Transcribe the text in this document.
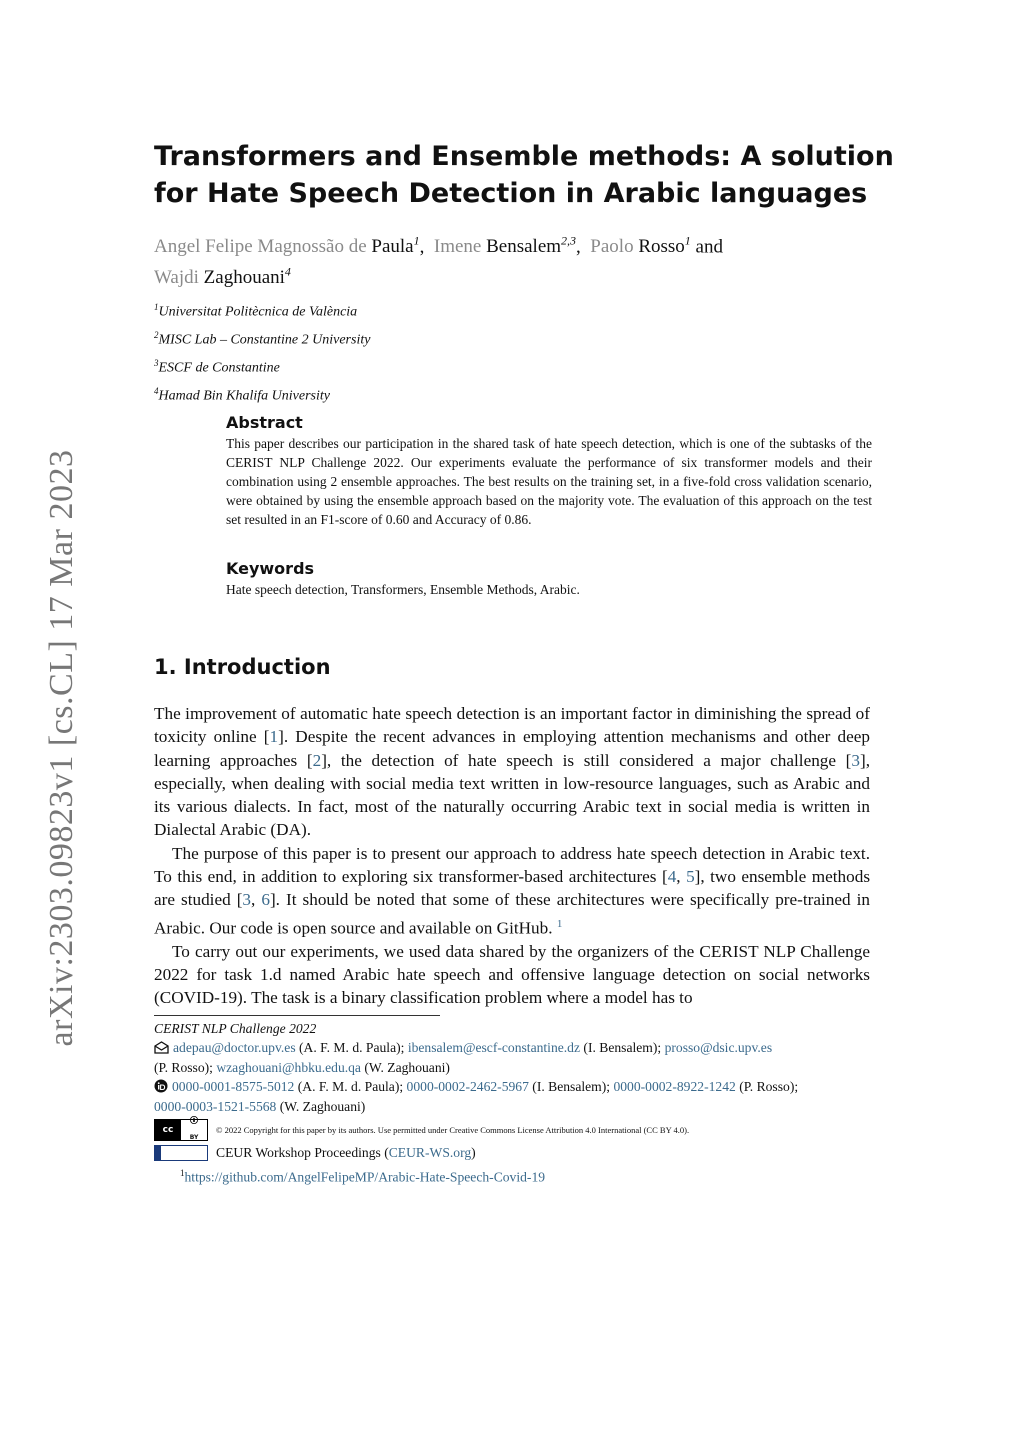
arXiv:2303.09823v1 [cs.CL] 17 Mar 2023
Transformers and Ensemble methods: A solution for Hate Speech Detection in Arabic languages
Angel Felipe Magnossão de Paula$^1$,  Imene Bensalem$^{2,3}$,  Paolo Rosso$^1$ and
Wajdi Zaghouani$^4$
$^1$Universitat Politècnica de València
$^2$MISC Lab – Constantine 2 University
$^3$ESCF de Constantine
$^4$Hamad Bin Khalifa University
Abstract
This paper describes our participation in the shared task of hate speech detection, which is one of the subtasks of the CERIST NLP Challenge 2022. Our experiments evaluate the performance of six transformer models and their combination using 2 ensemble approaches. The best results on the training set, in a five-fold cross validation scenario, were obtained by using the ensemble approach based on the majority vote. The evaluation of this approach on the test set resulted in an F1-score of 0.60 and Accuracy of 0.86.
Keywords
Hate speech detection, Transformers, Ensemble Methods, Arabic.
1. Introduction

The improvement of automatic hate speech detection is an important factor in diminishing the spread of toxicity online [1]. Despite the recent advances in employing attention mechanisms and other deep learning approaches [2], the detection of hate speech is still considered a major challenge [3], especially, when dealing with social media text written in low-resource languages, such as Arabic and its various dialects. In fact, most of the naturally occurring Arabic text in social media is written in Dialectal Arabic (DA).

The purpose of this paper is to present our approach to address hate speech detection in Arabic text. To this end, in addition to exploring six transformer-based architectures [4, 5], two ensemble methods are studied [3, 6]. It should be noted that some of these architectures were specifically pre-trained in Arabic. Our code is open source and available on GitHub. $^1$

To carry out our experiments, we used data shared by the organizers of the CERIST NLP Challenge 2022 for task 1.d named Arabic hate speech and offensive language detection on social networks (COVID-19). The task is a binary classification problem where a model has to

CERIST NLP Challenge 2022
adepau@doctor.upv.es (A. F. M. d. Paula); ibensalem@escf-constantine.dz (I. Bensalem); prosso@dsic.upv.es
(P. Rosso); wzaghouani@hbku.edu.qa (W. Zaghouani)
0000-0001-8575-5012 (A. F. M. d. Paula); 0000-0002-2462-5967 (I. Bensalem); 0000-0002-8922-1242 (P. Rosso);
0000-0003-1521-5568 (W. Zaghouani)
cc
BY
© 2022 Copyright for this paper by its authors. Use permitted under Creative Commons License Attribution 4.0 International (CC BY 4.0).
CEUR Workshop Proceedings ( CEUR-WS.org )
$^1$https://github.com/AngelFelipeMP/Arabic-Hate-Speech-Covid-19
